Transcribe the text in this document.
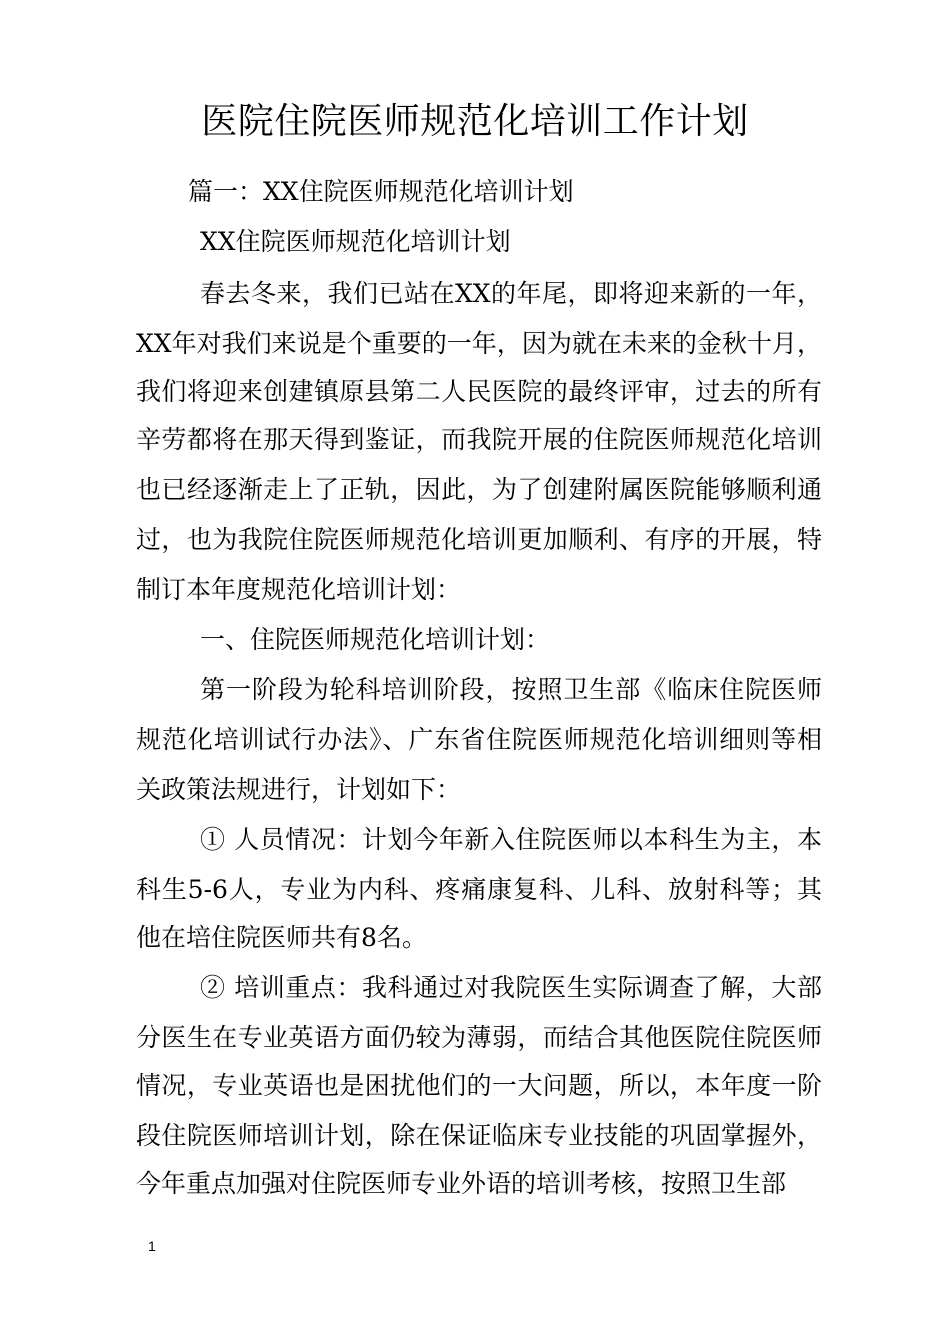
医院住院医师规范化培训工作计划
篇一：XX住院医师规范化培训计划
XX住院医师规范化培训计划
春去冬来，我们已站在XX的年尾，即将迎来新的一年，
XX年对我们来说是个重要的一年，因为就在未来的金秋十月，
我们将迎来创建镇原县第二人民医院的最终评审，过去的所有
辛劳都将在那天得到鉴证，而我院开展的住院医师规范化培训
也已经逐渐走上了正轨，因此，为了创建附属医院能够顺利通
过，也为我院住院医师规范化培训更加顺利、有序的开展，特
制订本年度规范化培训计划：
一、住院医师规范化培训计划：
第一阶段为轮科培训阶段，按照卫生部《临床住院医师
规范化培训试行办法》、广东省住院医师规范化培训细则等相
关政策法规进行，计划如下：
① 人员情况：计划今年新入住院医师以本科生为主，本
科生5-6人，专业为内科、疼痛康复科、儿科、放射科等；其
他在培住院医师共有8名。
② 培训重点：我科通过对我院医生实际调查了解，大部
分医生在专业英语方面仍较为薄弱，而结合其他医院住院医师
情况，专业英语也是困扰他们的一大问题，所以，本年度一阶
段住院医师培训计划，除在保证临床专业技能的巩固掌握外，
今年重点加强对住院医师专业外语的培训考核，按照卫生部
1
